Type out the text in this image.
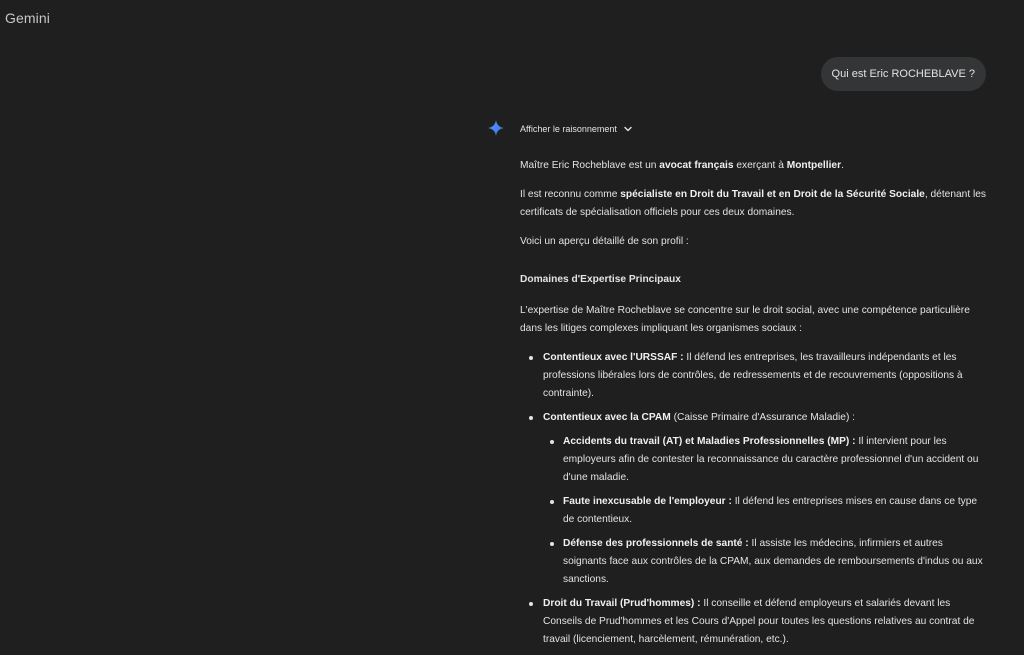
Gemini
Qui est Eric ROCHEBLAVE ?
Afficher le raisonnement

Maître Eric Rocheblave est un avocat français exerçant à Montpellier.

Il est reconnu comme spécialiste en Droit du Travail et en Droit de la Sécurité Sociale, détenant les certificats de spécialisation officiels pour ces deux domaines.

Voici un aperçu détaillé de son profil :

Domaines d'Expertise Principaux

L'expertise de Maître Rocheblave se concentre sur le droit social, avec une compétence particulière dans les litiges complexes impliquant les organismes sociaux :

Contentieux avec l'URSSAF : Il défend les entreprises, les travailleurs indépendants et les professions libérales lors de contrôles, de redressements et de recouvrements (oppositions à contrainte).
Contentieux avec la CPAM (Caisse Primaire d'Assurance Maladie) :
Accidents du travail (AT) et Maladies Professionnelles (MP) : Il intervient pour les employeurs afin de contester la reconnaissance du caractère professionnel d'un accident ou d'une maladie.
Faute inexcusable de l'employeur : Il défend les entreprises mises en cause dans ce type de contentieux.
Défense des professionnels de santé : Il assiste les médecins, infirmiers et autres soignants face aux contrôles de la CPAM, aux demandes de remboursements d'indus ou aux sanctions.
Droit du Travail (Prud'hommes) : Il conseille et défend employeurs et salariés devant les Conseils de Prud'hommes et les Cours d'Appel pour toutes les questions relatives au contrat de travail (licenciement, harcèlement, rémunération, etc.).
